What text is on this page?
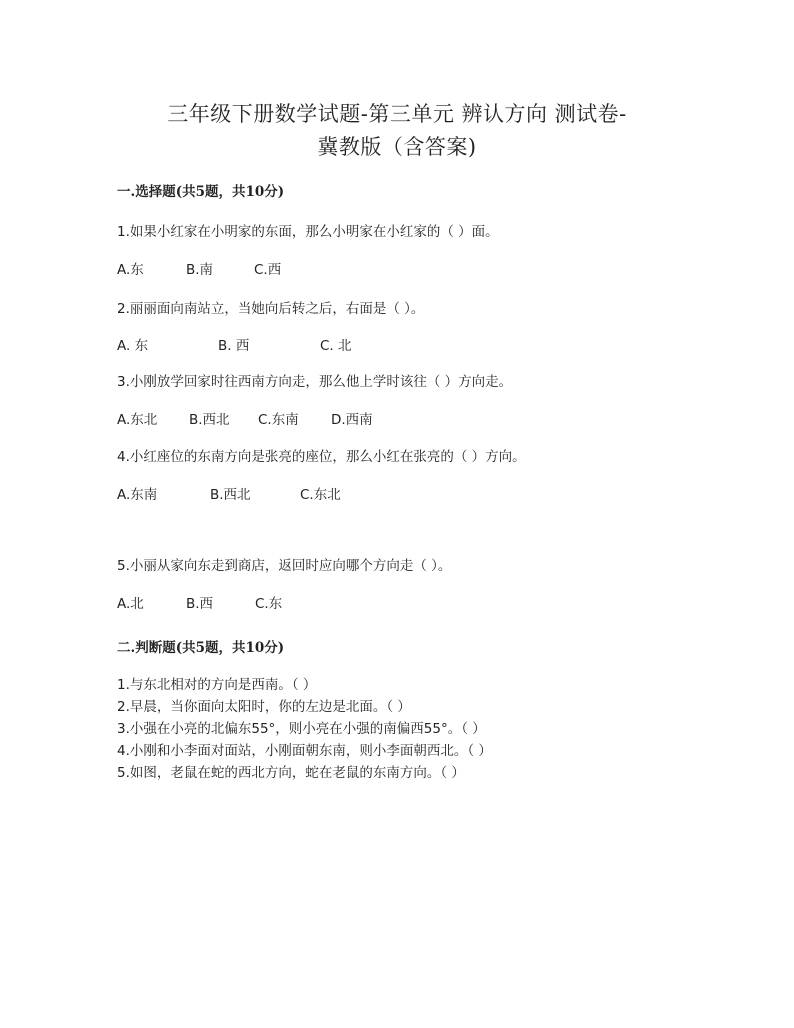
三年级下册数学试题-第三单元 辨认方向 测试卷-
冀教版（含答案)
一.选择题(共5题，共10分)
1.如果小红家在小明家的东面，那么小明家在小红家的（ ）面。
A.东	B.南	C.西
2.丽丽面向南站立，当她向后转之后，右面是（ ）。
A. 东	B. 西	C. 北
3.小刚放学回家时往西南方向走，那么他上学时该往（ ）方向走。
A.东北 B.西北 C.东南 D.西南
4.小红座位的东南方向是张亮的座位，那么小红在张亮的（ ）方向。
A.东南	B.西北	C.东北
5.小丽从家向东走到商店，返回时应向哪个方向走（ ）。
A.北	B.西	C.东
二.判断题(共5题，共10分)
1.与东北相对的方向是西南。（ ）
2.早晨，当你面向太阳时，你的左边是北面。（ ）
3.小强在小亮的北偏东55°，则小亮在小强的南偏西55°。（ ）
4.小刚和小李面对面站，小刚面朝东南，则小李面朝西北。（ ）
5.如图，老鼠在蛇的西北方向，蛇在老鼠的东南方向。（ ）
